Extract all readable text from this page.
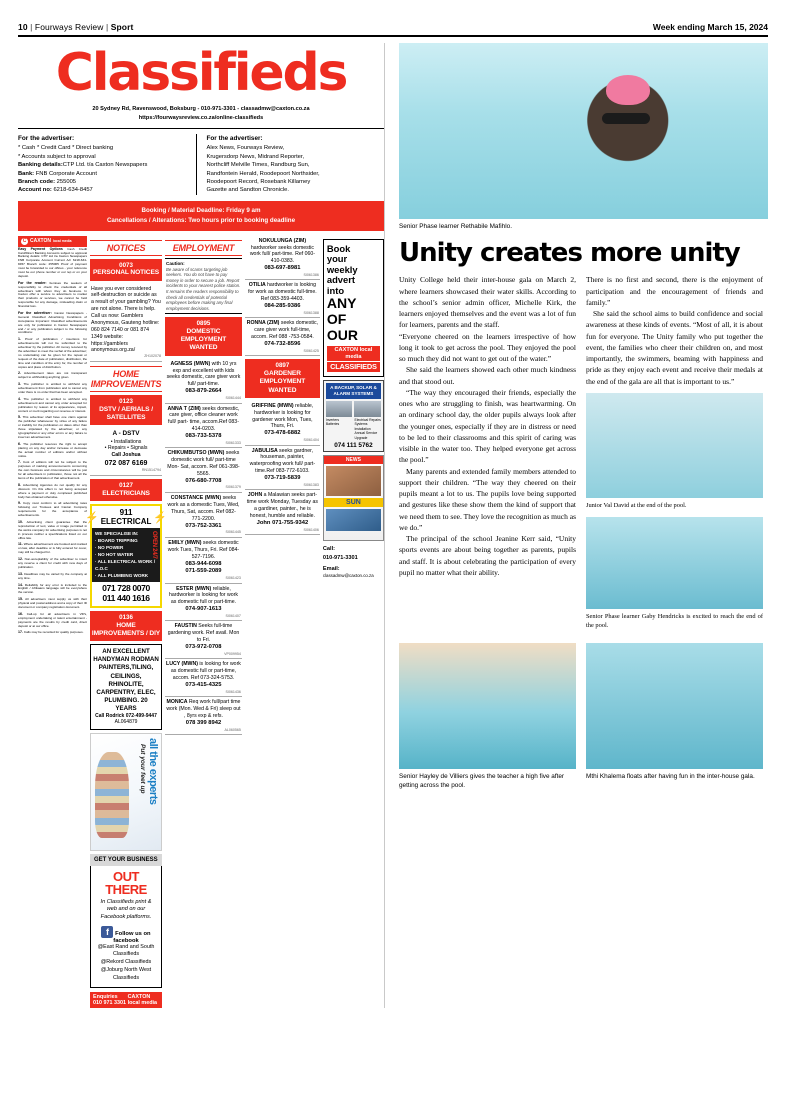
10 | Fourways Review | Sport	Week ending March 15, 2024
Classifieds
20 Sydney Rd, Ravenswood, Boksburg - 010-971-3301 - classadmw@caxton.co.za
https://fourwaysreview.co.za/online-classifieds
For the advertiser:
* Cash * Credit Card * Direct banking
* Accounts subject to approval
Banking details:CTP Ltd. t/a Caxton Newspapers
Bank: FNB Corporate Account
Branch code: 255005
Account no: 6218-634-8457
For the advertiser:
Alex News, Fourways Review,
Krugersdorp News, Midrand Reporter,
Northcliff Melville Times, Randburg Sun,
Randfontein Herald, Roodepoort Northsider,
Roodepoort Record, Rosebank Killarney
Gazette and Sandton Chronicle.
Booking / Material Deadline: Friday 9 am
Cancellations / Alterations: Two hours prior to booking deadline
C CAXTON local media

Easy Payment Options Cash Credit Card/Direct Banking Accounts subject to approval Banking details: CTP Ltd t/a Caxton Newspapers FNB Corporate Account Current A/c 6218-634-8457 Branch code: 255005 Proof of payment must be forwarded to our offices - your reference must be our phone number or our rep or on your deposit.

For the reader: Itemises the seekers of responsibility to check the credentials of all advertisers with whom they do business. In Caxton offer a service to advertisers to market their products or services, we cannot be held responsible for any damage, misleading claim or financial loss.

For the advertiser: Caxton Newspapers - General Classified Advertising Conditions of Acceptance Important: Classified advertisements are only for publication in Caxton Newspapers and / or any publication subject to the following conditions:

1. Proof of publication / insertions for advertisements will not be submitted to the advertiser by the publisher. All money received by the advertiser to meet the verbal of the advertiser; no undertaking can be given for the repeat or request of the date of publication, distribution, the time and condition of the entry for, the number of copies and place of distribution.

2. Advertisement rates are not transparent subject to withholding anything given.

3. The publisher is entitled to withhold any advertisement from publication and to cancel any order there is no order that has been accepted.

4. The publisher is entitled to withhold any advertisement and cancel any order accepted for publication by reason of its appearance, impact, content or merit regarding our revenue or interest.

5. This advertiser shall have one claim against the publisher whatsoever by virtue of any failure or inability for the publication on dates other than those stipulated by the advertiser, or any typographical or any other errors or any failure to insert an advertisement.

6. The publisher reserves the right to accept placing on any day and/or increase or decrease the actual number of editions and/or without notice.

7. Cost of editions will not be subject to the purposes of marking announcements concerning the own business and circumstances will be just for all advertisers in publication, those not all the items of the publication of that advertisement.

8. Advertising Agencies do not qualify for any discount. On this effect is not being accepted where a payment or duty completed published body has obtained otherwise.

9. Copy must conform to all advertising rates following our Trustees and Caxton Company requirements for the acceptance of advertisements.

10. Advertising client guarantee that the reproduction of text, value or image permitted in the works company for advertising purposes is not in process neither a specifications listed on our office law.

11. Where advertisement are booked and marked on law, after deadline or is fully entered for cover, may still be charged for.

12. Non-acceptability of the advertiser to insert any reserve a client for credit with new days of publication.

13. Deadlines may be varied by the company at any time.

14. Reliability for any error is included to the English / Afrikaans language will be everywhere the version.

15. All advertisers must supply us with their physical and postal address and a copy of their ID document or company registration document.

16. Call-up for all advertisers in VIPs, employment undertaking or talent entertainment - payments are the results by credit card, direct deposit or at our office.

17. Calls may be recorded for quality purposes.

NOTICES
0073
PERSONAL NOTICES
Have you ever considered self-destruction or suicide as a result of your gambling? You are not alone. There is help. Call us now: Gamblers Anonymous, Gauteng hotline: 060 824 7140 or 081 874 1349 website: https://gamblers anonymous.org.za/
ZH102078
HOME IMPROVEMENTS
0123
DSTV / AERIALS / SATELLITES
A - DSTV
• Installations
• Repairs • Signals
Call Joshua
072 087 6169
RN1514794
0127
ELECTRICIANS
⚡	911 ELECTRICAL ⚡
OPEN 24/7
WE SPECIALISE IN:
· BOARD TRIPPING
· NO POWER
· NO HOT WATER
· ALL ELECTRICAL WORK / C.O.C
· ALL PLUMBING WORK
071 728 0070
011 440 1616
0136
HOME IMPROVEMENTS / DIY
AN EXCELLENT
HANDYMAN RODMAN
PAINTERS,TILING,
CEILINGS, RHINOLITE,
CARPENTRY, ELEC,
PLUMBING. 20 YEARS
Call Rodrick 072-499-9447
AL064879
all the experts
Put your feet up
GET YOUR BUSINESS
OUT THERE
In Classifieds print & web and on our Facebook platforms.
f Follow us on facebook
@East Rand and South Classifieds
@Rekord Classifieds
@Joburg North West Classifieds
Enquiries 010 971 3301
CAXTON local media
EMPLOYMENT
Caution:
Be aware of scams targeting job seekers. You do not have to pay money in order to secure a job. Report incidents to your nearest police station. It remains the readers responsibility to check all credentials of potential employees before making any final employment decisions.
0895
DOMESTIC EMPLOYMENT WANTED
AGNESS (MWN) with 10 yrs exp and excellent with kids seeks domestic, care giver work full/ part-time.
083-879-2664
SI061444
ANNA T (ZIM) seeks domestic, care giver, office cleaner work full/ part- time, accom.Ref 083-414-0203.
083-733-5378
SI061333
CHIKUMBUTSO (MWN) seeks domestic work full/ part-time Mon- Sat, accom. Ref 061-398-5565.
076-680-7708
SI061379
CONSTANCE (MWN) seeks work as a domestic Tues, Wed, Thurs, Sat, accom. Ref 082-771-2200.
073-752-3361
SI061445
EMILY (MWN) seeks domestic work Tues, Thurs, Fri. Ref 084- 527-7196.
083-944-6098
071-559-2089
SI061423
ESTER (MWN) reliable, hardworker is looking for work as domestic full or part-time.
074-907-1613
SI061407
FAUSTIN Seeks full-time gardening work. Ref avail. Mon to Fri.
073-972-0708
VP009954
LUCY (MWN) is looking for work as domestic full or part-time, accom. Ref 073-324-5753.
073-415-4325
SI061436
MONICA Req work full/part time work (Mon. Wed & Fri) sleep out , 8yrs exp & refs.
078 399 8942
AL060565
NOKULUNGA (ZIM) hardworker seeks domestic work full/ part-time. Ref 060- 410-0383.
083-697-8981
SI061386
OTILIA hardworker is looking for work as domestic full-time. Ref 083-359-4403.
084-285-9386
SI061388
RONNA (ZIM) seeks domestic, care giver work full-time, accom. Ref 088 -753-0584.
074-732-8596
SI061425
0897
GARDENER EMPLOYMENT WANTED
GRIFFINE (MWN) reliable, hardworker is looking for gardener work Mon, Tues, Thurs, Fri.
073-478-6882
SI061404
JABULISA seeks gardner, houseman, painter, waterproofing work full/ part-time.Ref 083-772-6103.
073-719-5839
SI061383
JOHN a Malawian seeks part-time work Monday, Tuesday as a gardiner, painter., he is honest, humble and reliable.
John 071-755-9342
SI061406
Book
your
weekly
advert
into
ANY
OF
OUR
CAXTON local media
CLASSIFIEDS
A BACKUP, SOLAR & ALARM SYSTEMS
Inverters
Batteries
Electrical Repairs
Systems Installation
Annual Service Upgrade
074 111 5762
NEWS
SUN
Call:
010-971-3301
Email:
classadmw@caxton.co.za
Senior Phase learner Rethabile Mafihlo.
Unity creates more unity

Unity College held their inter-house gala on March 2, where learners showcased their water skills. According to the school’s senior admin officer, Michelle Kirk, the learners enjoyed themselves and the event was a lot of fun for learners, parents and the staff.

“Everyone cheered on the learners irrespective of how long it took to get across the pool. They enjoyed the pool so much they did not want to get out of the water.”

She said the learners showed each other much kindness and that stood out.

“The way they encouraged their friends, especially the ones who are struggling to finish, was heartwarming. On an ordinary school day, the older pupils always look after the younger ones, especially if they are in distress or need to be led to their classrooms and this spirit of caring was visible in the water too. They helped everyone get across the pool.”

Many parents and extended family members attended to support their children. “The way they cheered on their pupils meant a lot to us. The pupils love being supported and gestures like these show them the kind of support that we need them to see. They love the recognition as much as we do.”

The principal of the school Jeanine Kerr said, “Unity sports events are about being together as parents, pupils and staff. It is about celebrating the participation of every pupil no matter what their ability.

There is no first and second, there is the enjoyment of participation and the encouragement of friends and family.”

She said the school aims to build confidence and social awareness at these kinds of events. “Most of all, it is about fun for everyone. The Unity family who put together the event, the families who cheer their children on, and most importantly, the swimmers, beaming with happiness and pride as they enjoy each event and receive their medals at the end of the gala are all that is important to us.”

Junior Val David at the end of the pool.
Senior Phase learner Gaby Hendricks is excited to reach the end of the pool.
Senior Hayley de Villiers gives the teacher a high five after getting across the pool.
Mthi Khalema floats after having fun in the inter-house gala.
